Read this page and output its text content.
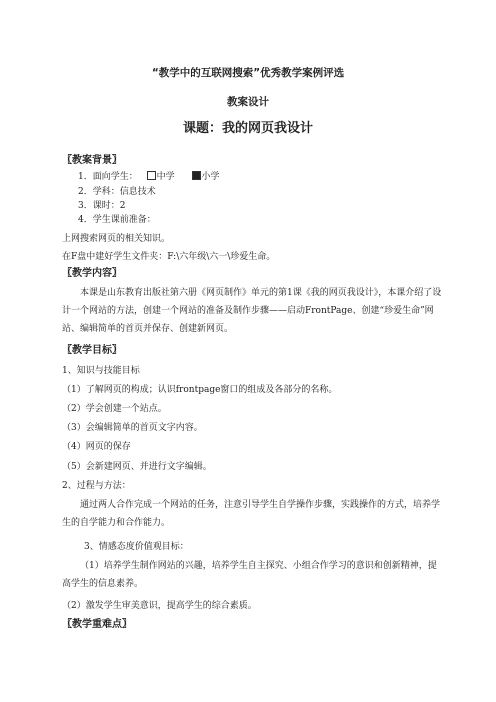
“教学中的互联网搜索”优秀教学案例评选
教案设计
课题：我的网页我设计
〖教案背景〗
1．面向学生： 中学	小学
2．学科：信息技术
3．课时：2
4．学生课前准备：
上网搜索网页的相关知识。
在F盘中建好学生文件夹：F:\六年级\六一\珍爱生命。
〖教学内容〗

本课是山东教育出版社第六册《网页制作》单元的第1课《我的网页我设计》，本课介绍了设计一个网站的方法，创建一个网站的准备及制作步骤——启动FrontPage、创建“珍爱生命”网站、编辑简单的首页并保存、创建新网页。

〖教学目标〗
1、知识与技能目标
（1）了解网页的构成；认识frontpage窗口的组成及各部分的名称。
（2）学会创建一个站点。
（3）会编辑简单的首页文字内容。
（4）网页的保存
（5）会新建网页、并进行文字编辑。
2、过程与方法：

通过两人合作完成一个网站的任务，注意引导学生自学操作步骤，实践操作的方式，培养学生的自学能力和合作能力。

3、情感态度价值观目标：

（1）培养学生制作网站的兴趣，培养学生自主探究、小组合作学习的意识和创新精神，提高学生的信息素养。

（2）激发学生审美意识，提高学生的综合素质。
〖教学重难点〗
